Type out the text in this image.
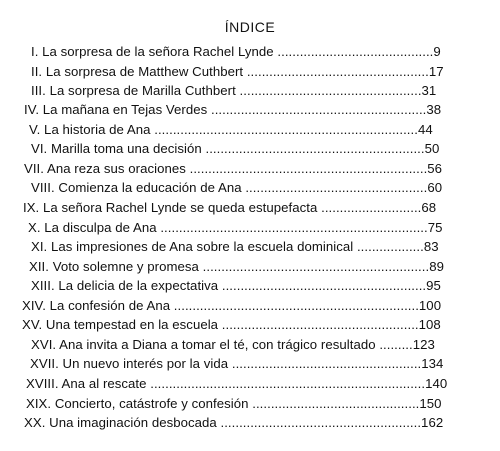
ÍNDICE
I. La sorpresa de la señora Rachel Lynde ..........................................9
II. La sorpresa de Matthew Cuthbert .................................................17
III. La sorpresa de Marilla Cuthbert .................................................31
IV. La mañana en Tejas Verdes ..........................................................38
V. La historia de Ana .......................................................................44
VI. Marilla toma una decisión ...........................................................50
VII. Ana reza sus oraciones ................................................................56
VIII. Comienza la educación de Ana .................................................60
IX. La señora Rachel Lynde se queda estupefacta ...........................68
X. La disculpa de Ana ........................................................................75
XI. Las impresiones de Ana sobre la escuela dominical ..................83
XII. Voto solemne y promesa .............................................................89
XIII. La delicia de la expectativa .......................................................95
XIV. La confesión de Ana ..................................................................100
XV. Una tempestad en la escuela .....................................................108
XVI. Ana invita a Diana a tomar el té, con trágico resultado .........123
XVII. Un nuevo interés por la vida ...................................................134
XVIII. Ana al rescate ..........................................................................140
XIX. Concierto, catástrofe y confesión .............................................150
XX. Una imaginación desbocada ......................................................162
